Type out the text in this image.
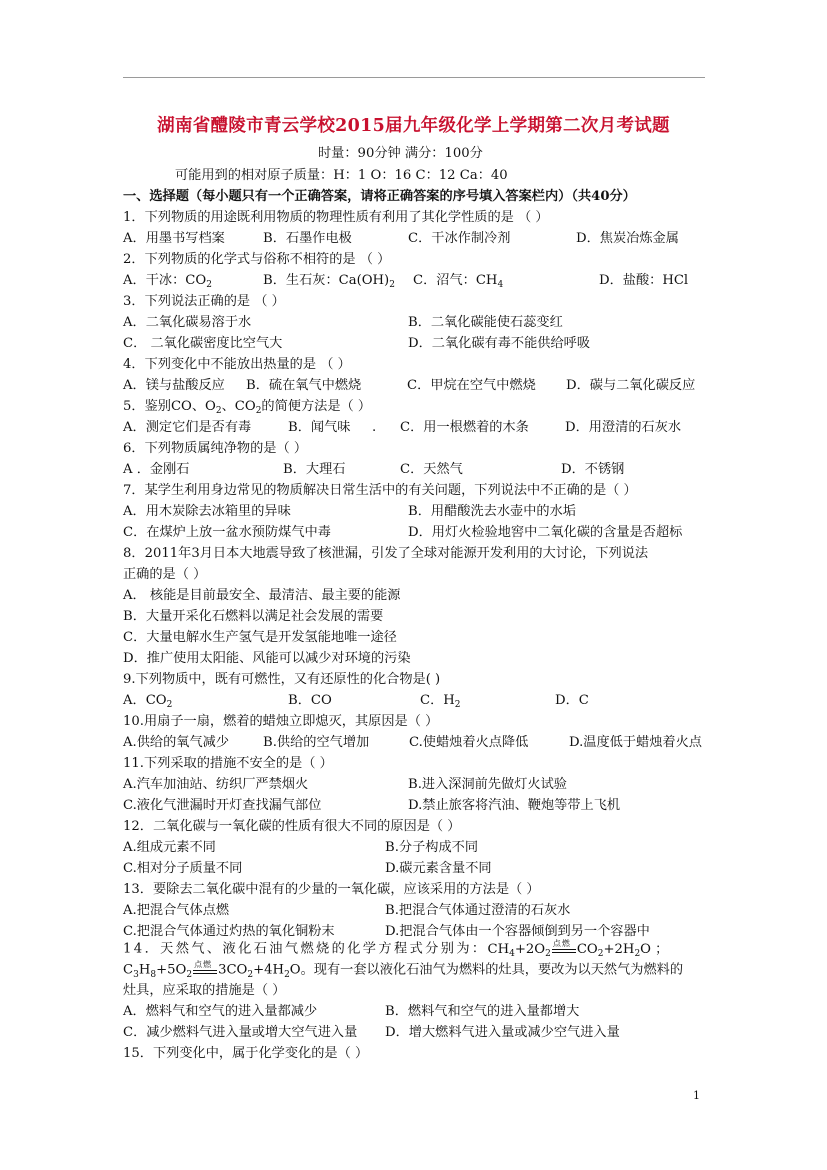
湖南省醴陵市青云学校2015届九年级化学上学期第二次月考试题
时量：90分钟 满分：100分
可能用到的相对原子质量：H：1 O：16 C：12 Ca：40
一、选择题（每小题只有一个正确答案，请将正确答案的序号填入答案栏内）（共40分）
1．下列物质的用途既利用物质的物理性质有利用了其化学性质的是 （ ）
A．用墨书写档案	B．石墨作电极	C．干冰作制冷剂	D．焦炭冶炼金属
2．下列物质的化学式与俗称不相符的是 （ ）
A．干冰：$CO_2$	B．生石灰：$Ca(OH)_2$ C．沼气：$CH_4$	D．盐酸：HCl
3．下列说法正确的是 （ ）
A．二氧化碳易溶于水	B．二氧化碳能使石蕊变红
C． 二氧化碳密度比空气大	D．二氧化碳有毒不能供给呼吸
4．下列变化中不能放出热量的是 （ ）
A．镁与盐酸反应 B．硫在氧气中燃烧	C．甲烷在空气中燃烧 D．碳与二氧化碳反应
5．鉴别CO、$O_2$、$CO_2$的简便方法是（ ）
A．测定它们是否有毒	B．闻气味 . C．用一根燃着的木条	D．用澄清的石灰水
6．下列物质属纯净物的是（ ）
A ．金刚石	B．大理石	C．天然气	D．不锈钢
7．某学生利用身边常见的物质解决日常生活中的有关问题，下列说法中不正确的是（ ）
A．用木炭除去冰箱里的异味	B．用醋酸洗去水壶中的水垢
C．在煤炉上放一盆水预防煤气中毒	D．用灯火检验地窖中二氧化碳的含量是否超标
8．2011年3月日本大地震导致了核泄漏，引发了全球对能源开发利用的大讨论，下列说法
正确的是（ ）
A． 核能是目前最安全、最清洁、最主要的能源
B．大量开采化石燃料以满足社会发展的需要
C．大量电解水生产氢气是开发氢能地唯一途径
D．推广使用太阳能、风能可以减少对环境的污染
9.下列物质中，既有可燃性，又有还原性的化合物是( )
A．$CO_2$	B．CO	C．$H_2$	D．C
10.用扇子一扇，燃着的蜡烛立即熄灭，其原因是（ ）
A.供给的氧气减少	B.供给的空气增加	C.使蜡烛着火点降低	D.温度低于蜡烛着火点
11.下列采取的措施不安全的是（ ）
A.汽车加油站、纺织厂严禁烟火	B.进入深洞前先做灯火试验
C.液化气泄漏时开灯查找漏气部位	D.禁止旅客将汽油、鞭炮等带上飞机
12．二氧化碳与一氧化碳的性质有很大不同的原因是（ ）
A.组成元素不同	B.分子构成不同
C.相对分子质量不同	D.碳元素含量不同
13．要除去二氧化碳中混有的少量的一氧化碳，应该采用的方法是（ ）
A.把混合气体点燃	B.把混合气体通过澄清的石灰水
C.把混合气体通过灼热的氧化铜粉末	D.把混合气体由一个容器倾倒到另一个容器中
14．天然气、液化石油气燃烧的化学方程式分别为：$CH_4+2O_2$
点燃 $CO_2+2H_2O$ ；
$C_3H_8+5O_2$
点燃 $3CO_2+4H_2O$。现有一套以液化石油气为燃料的灶具，要改为以天然气为燃料的
灶具，应采取的措施是（ ）
A．燃料气和空气的进入量都减少	B．燃料气和空气的进入量都增大
C．减少燃料气进入量或增大空气进入量 D．增大燃料气进入量或减少空气进入量
15．下列变化中，属于化学变化的是（ ）
1
